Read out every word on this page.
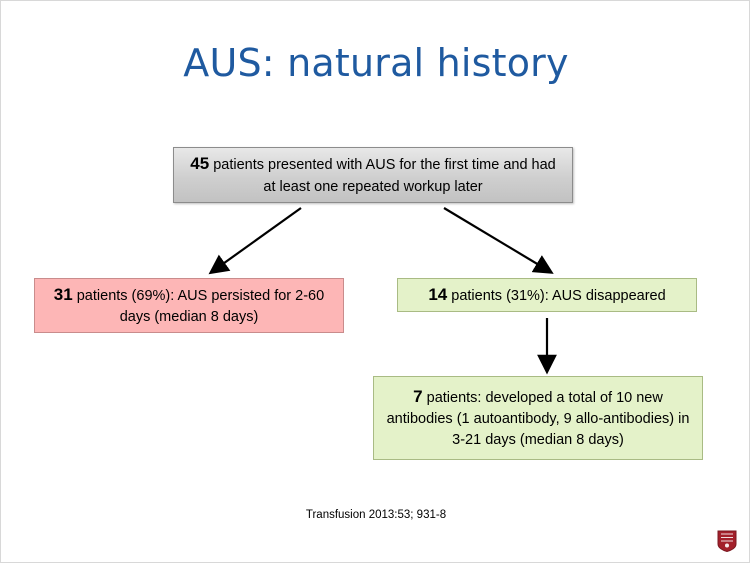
AUS: natural history
45 patients presented with AUS for the first time and had at least one repeated workup later
31 patients (69%): AUS persisted for 2-60 days (median 8 days)
14 patients (31%): AUS disappeared
7 patients: developed a total of 10 new antibodies (1 autoantibody, 9 allo-antibodies) in 3-21 days (median 8 days)
Transfusion 2013:53; 931-8
